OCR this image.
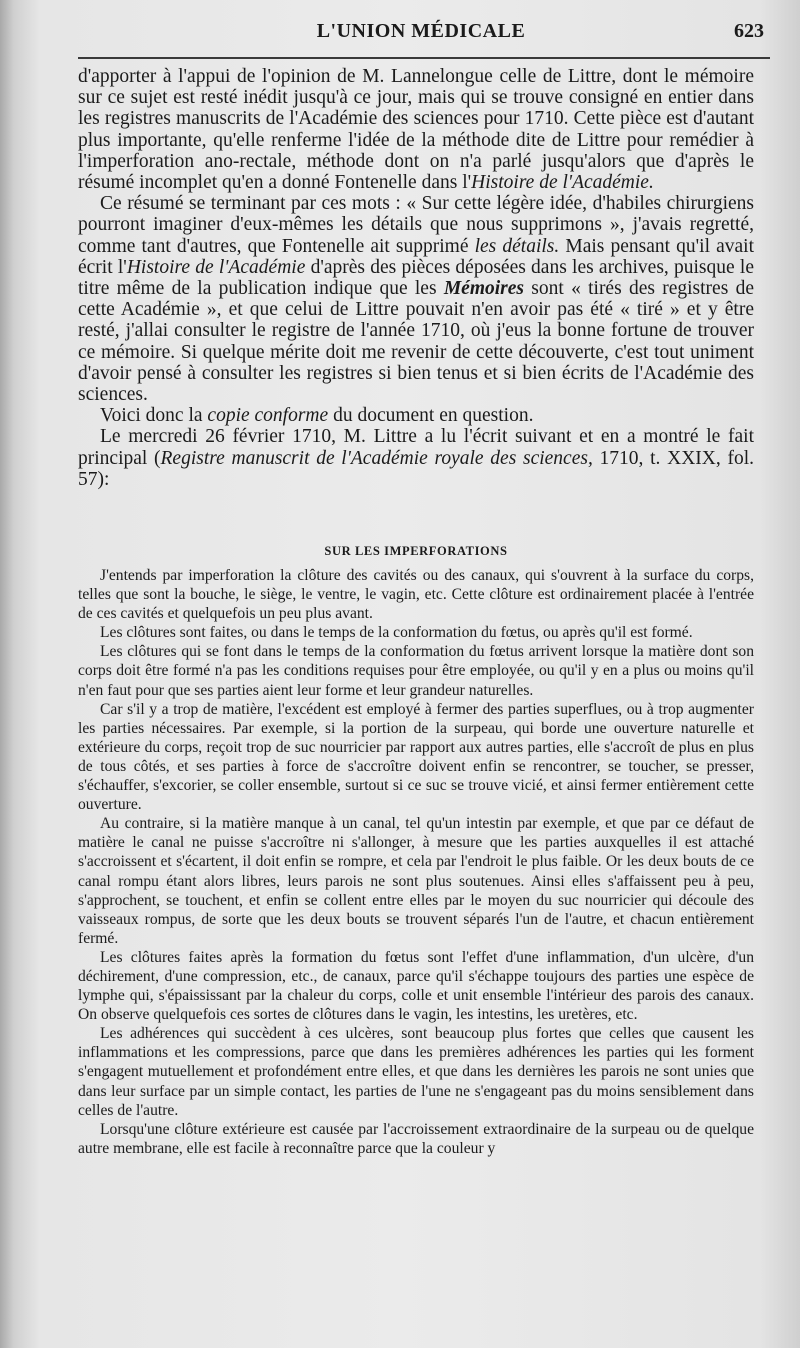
L'UNION MÉDICALE	623

d'apporter à l'appui de l'opinion de M. Lannelongue celle de Littre, dont le mémoire sur ce sujet est resté inédit jusqu'à ce jour, mais qui se trouve consigné en entier dans les registres manuscrits de l'Académie des sciences pour 1710. Cette pièce est d'autant plus importante, qu'elle renferme l'idée de la méthode dite de Littre pour remédier à l'imperforation ano-rectale, méthode dont on n'a parlé jusqu'alors que d'après le résumé incomplet qu'en a donné Fontenelle dans l'Histoire de l'Académie.

Ce résumé se terminant par ces mots : « Sur cette légère idée, d'habiles chirurgiens pourront imaginer d'eux-mêmes les détails que nous supprimons », j'avais regretté, comme tant d'autres, que Fontenelle ait supprimé les détails. Mais pensant qu'il avait écrit l'Histoire de l'Académie d'après des pièces déposées dans les archives, puisque le titre même de la publication indique que les Mémoires sont « tirés des registres de cette Académie », et que celui de Littre pouvait n'en avoir pas été « tiré » et y être resté, j'allai consulter le registre de l'année 1710, où j'eus la bonne fortune de trouver ce mémoire. Si quelque mérite doit me revenir de cette découverte, c'est tout uniment d'avoir pensé à consulter les registres si bien tenus et si bien écrits de l'Académie des sciences.

Voici donc la copie conforme du document en question.

Le mercredi 26 février 1710, M. Littre a lu l'écrit suivant et en a montré le fait principal (Registre manuscrit de l'Académie royale des sciences, 1710, t. XXIX, fol. 57):

SUR LES IMPERFORATIONS

J'entends par imperforation la clôture des cavités ou des canaux, qui s'ouvrent à la surface du corps, telles que sont la bouche, le siège, le ventre, le vagin, etc. Cette clôture est ordinairement placée à l'entrée de ces cavités et quelquefois un peu plus avant.

Les clôtures sont faites, ou dans le temps de la conformation du fœtus, ou après qu'il est formé.

Les clôtures qui se font dans le temps de la conformation du fœtus arrivent lorsque la matière dont son corps doit être formé n'a pas les conditions requises pour être employée, ou qu'il y en a plus ou moins qu'il n'en faut pour que ses parties aient leur forme et leur grandeur naturelles.

Car s'il y a trop de matière, l'excédent est employé à fermer des parties superflues, ou à trop augmenter les parties nécessaires. Par exemple, si la portion de la surpeau, qui borde une ouverture naturelle et extérieure du corps, reçoit trop de suc nourricier par rapport aux autres parties, elle s'accroît de plus en plus de tous côtés, et ses parties à force de s'accroître doivent enfin se rencontrer, se toucher, se presser, s'échauffer, s'excorier, se coller ensemble, surtout si ce suc se trouve vicié, et ainsi fermer entièrement cette ouverture.

Au contraire, si la matière manque à un canal, tel qu'un intestin par exemple, et que par ce défaut de matière le canal ne puisse s'accroître ni s'allonger, à mesure que les parties auxquelles il est attaché s'accroissent et s'écartent, il doit enfin se rompre, et cela par l'endroit le plus faible. Or les deux bouts de ce canal rompu étant alors libres, leurs parois ne sont plus soutenues. Ainsi elles s'affaissent peu à peu, s'approchent, se touchent, et enfin se collent entre elles par le moyen du suc nourricier qui découle des vaisseaux rompus, de sorte que les deux bouts se trouvent séparés l'un de l'autre, et chacun entièrement fermé.

Les clôtures faites après la formation du fœtus sont l'effet d'une inflammation, d'un ulcère, d'un déchirement, d'une compression, etc., de canaux, parce qu'il s'échappe toujours des parties une espèce de lymphe qui, s'épaississant par la chaleur du corps, colle et unit ensemble l'intérieur des parois des canaux. On observe quelquefois ces sortes de clôtures dans le vagin, les intestins, les uretères, etc.

Les adhérences qui succèdent à ces ulcères, sont beaucoup plus fortes que celles que causent les inflammations et les compressions, parce que dans les premières adhérences les parties qui les forment s'engagent mutuellement et profondément entre elles, et que dans les dernières les parois ne sont unies que dans leur surface par un simple contact, les parties de l'une ne s'engageant pas du moins sensiblement dans celles de l'autre.

Lorsqu'une clôture extérieure est causée par l'accroissement extraordinaire de la surpeau ou de quelque autre membrane, elle est facile à reconnaître parce que la couleur y
